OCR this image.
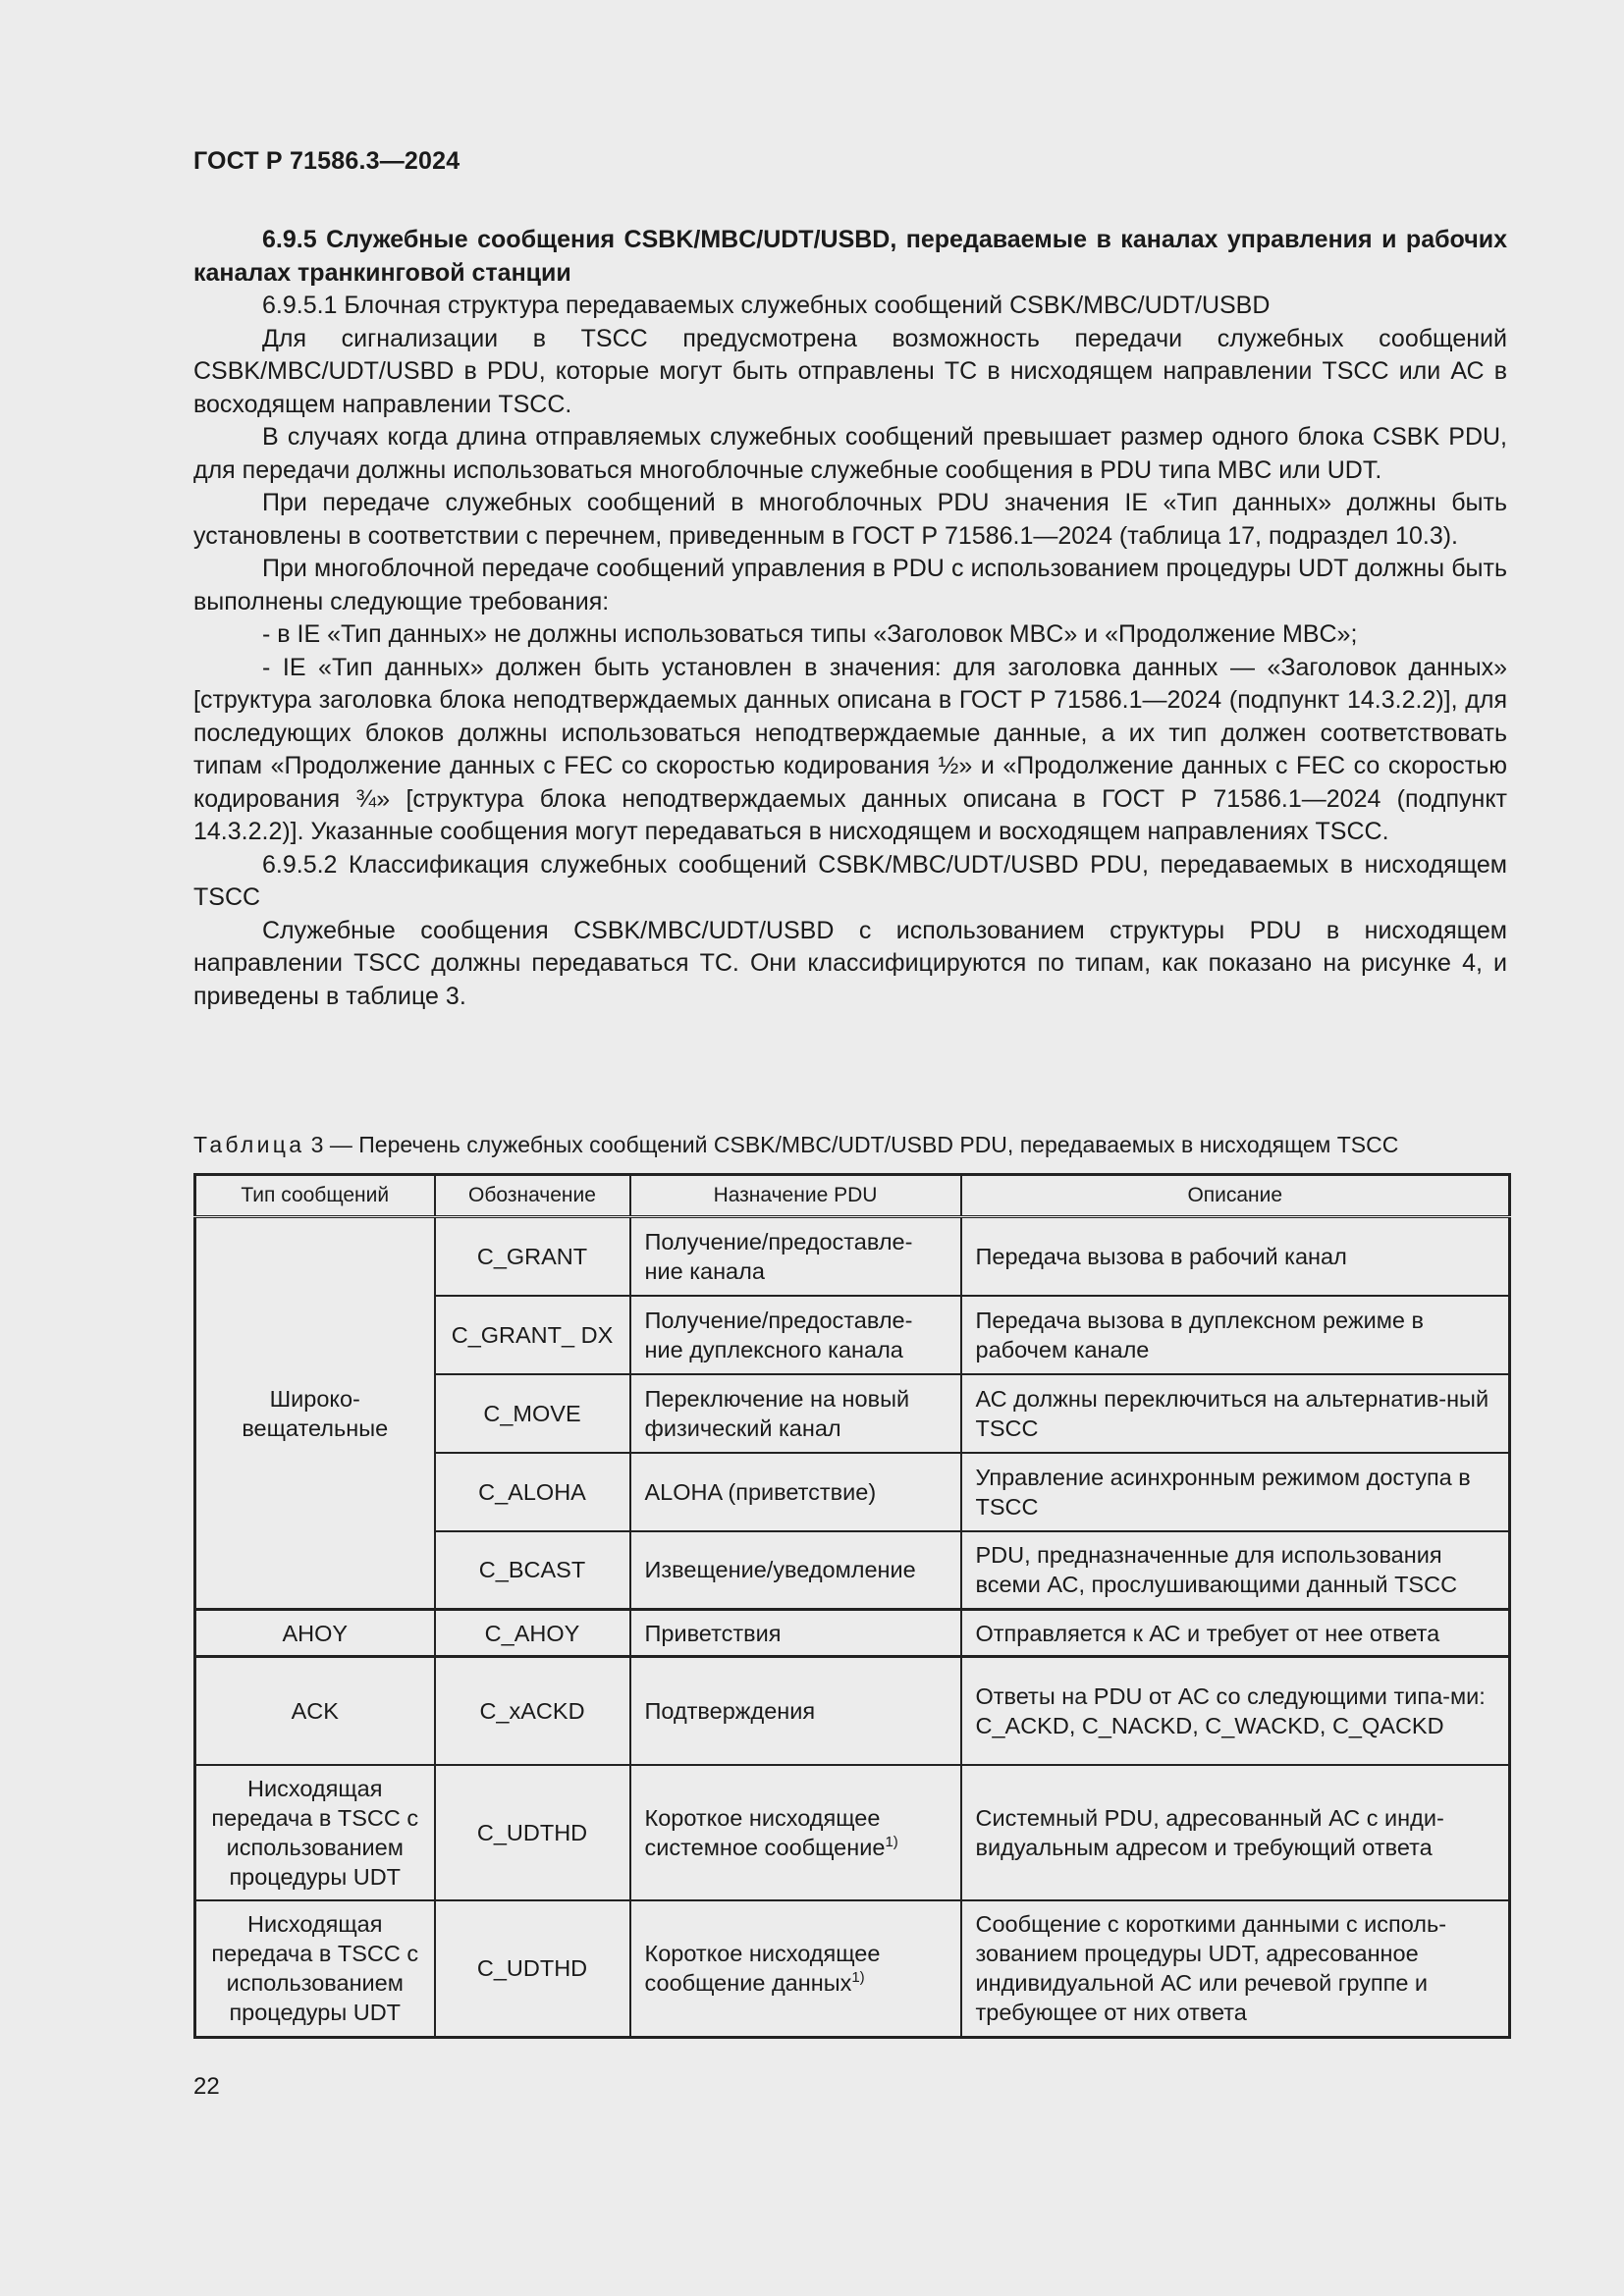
ГОСТ Р 71586.3—2024

6.9.5 Служебные сообщения CSBK/MBC/UDT/USBD, передаваемые в каналах управления и рабочих каналах транкинговой станции

6.9.5.1 Блочная структура передаваемых служебных сообщений CSBK/MBC/UDT/USBD

Для сигнализации в TSCC предусмотрена возможность передачи служебных сообщений CSBK/MBC/UDT/USBD в PDU, которые могут быть отправлены ТС в нисходящем направлении TSCC или АС в восходящем направлении TSCC.

В случаях когда длина отправляемых служебных сообщений превышает размер одного блока CSBK PDU, для передачи должны использоваться многоблочные служебные сообщения в PDU типа MBC или UDT.

При передаче служебных сообщений в многоблочных PDU значения IE «Тип данных» должны быть установлены в соответствии с перечнем, приведенным в ГОСТ Р 71586.1—2024 (таблица 17, подраздел 10.3).

При многоблочной передаче сообщений управления в PDU с использованием процедуры UDT должны быть выполнены следующие требования:

- в IE «Тип данных» не должны использоваться типы «Заголовок MBC» и «Продолжение MBC»;

- IE «Тип данных» должен быть установлен в значения: для заголовка данных — «Заголовок данных» [структура заголовка блока неподтверждаемых данных описана в ГОСТ Р 71586.1—2024 (подпункт 14.3.2.2)], для последующих блоков должны использоваться неподтверждаемые данные, а их тип должен соответствовать типам «Продолжение данных с FEC со скоростью кодирования ½» и «Продолжение данных с FEC со скоростью кодирования ¾» [структура блока неподтверждаемых данных описана в ГОСТ Р 71586.1—2024 (подпункт 14.3.2.2)]. Указанные сообщения могут передаваться в нисходящем и восходящем направлениях TSCC.

6.9.5.2 Классификация служебных сообщений CSBK/MBC/UDT/USBD PDU, передаваемых в нисходящем TSCC

Служебные сообщения CSBK/MBC/UDT/USBD с использованием структуры PDU в нисходящем направлении TSCC должны передаваться ТС. Они классифицируются по типам, как показано на рисунке 4, и приведены в таблице 3.

Таблица 3 — Перечень служебных сообщений CSBK/MBC/UDT/USBD PDU, передаваемых в нисходящем TSCC
Тип сообщений	Обозначение	Назначение PDU	Описание
Широко-вещательные	C_GRANT	Получение/предоставле-ние канала	Передача вызова в рабочий канал
	C_GRANT_ DX	Получение/предоставле-ние дуплексного канала	Передача вызова в дуплексном режиме в рабочем канале
	C_MOVE	Переключение на новый физический канал	АС должны переключиться на альтернатив-ный TSCC
	C_ALOHA	ALOHA (приветствие)	Управление асинхронным режимом доступа в TSCC
	C_BCAST	Извещение/уведомление	PDU, предназначенные для использования всеми АС, прослушивающими данный TSCC
AHOY	C_AHOY	Приветствия	Отправляется к АС и требует от нее ответа
ACK	C_xACKD	Подтверждения	Ответы на PDU от АС со следующими типа-ми: C_ACKD, C_NACKD, C_WACKD, C_QACKD
Нисходящая передача в TSCC с использованием процедуры UDT	C_UDTHD	Короткое нисходящее системное сообщение$^{1)}$	Системный PDU, адресованный АС с инди-видуальным адресом и требующий ответа
Нисходящая передача в TSCC с использованием процедуры UDT	C_UDTHD	Короткое нисходящее сообщение данных$^{1)}$	Сообщение с короткими данными с исполь-зованием процедуры UDT, адресованное индивидуальной АС или речевой группе и требующее от них ответа
22
